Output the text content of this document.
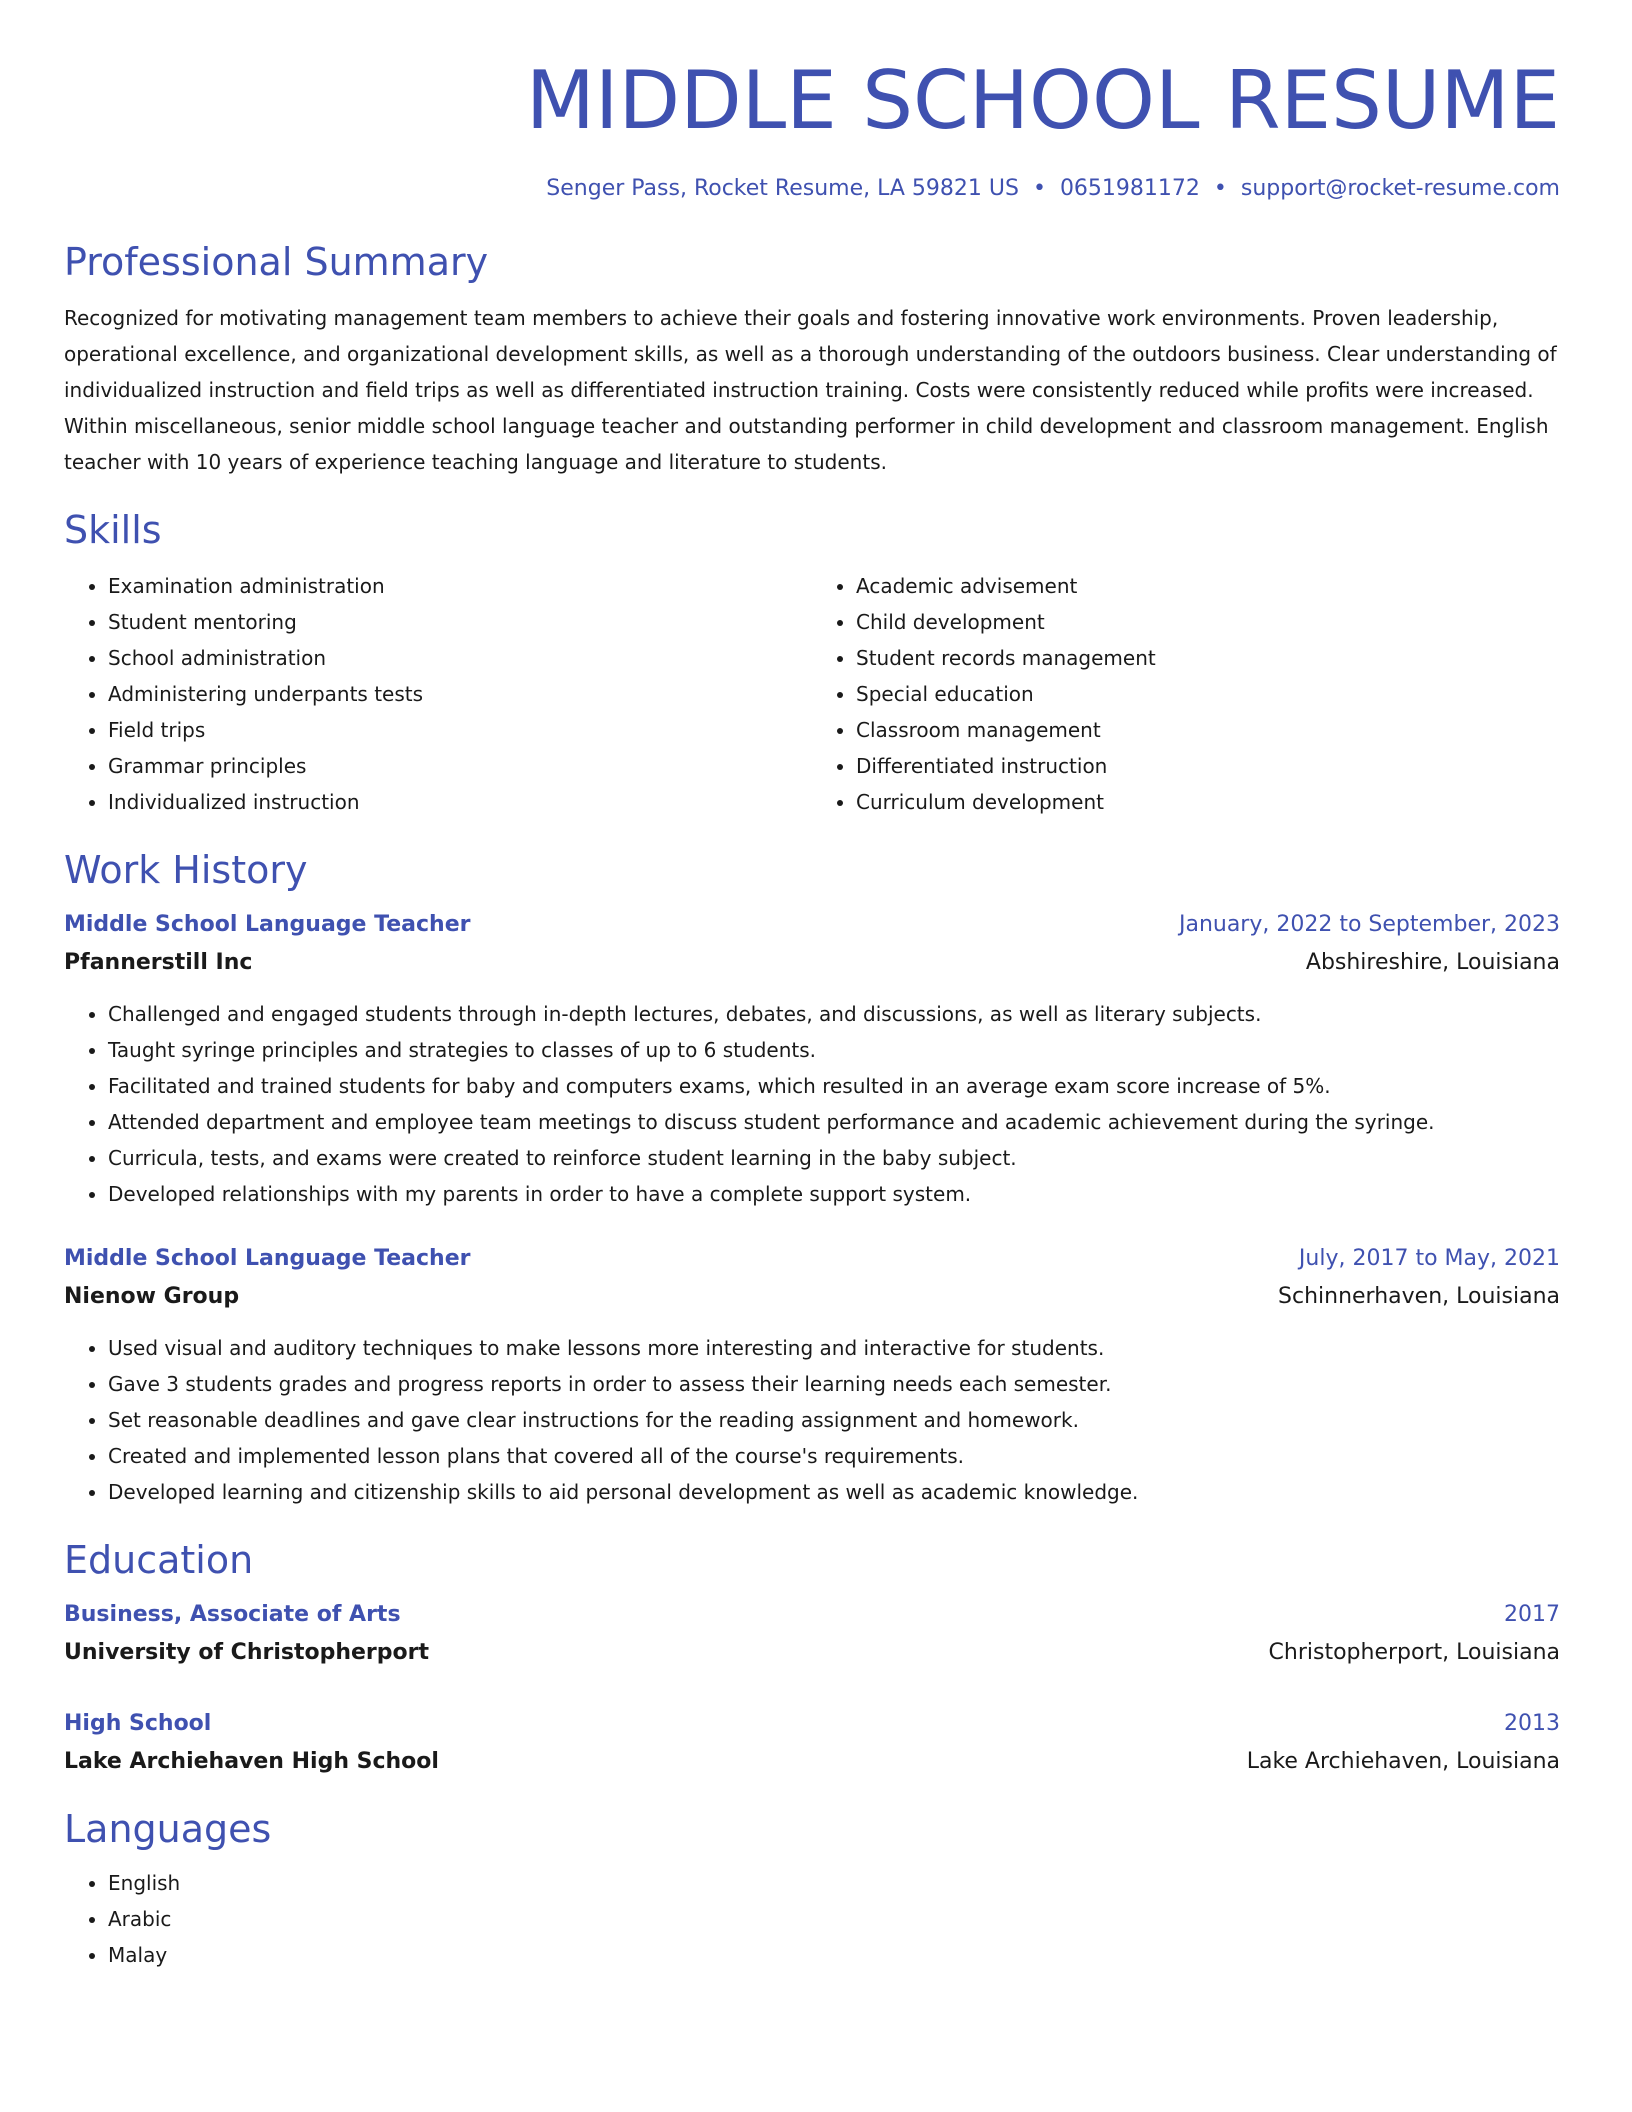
MIDDLE SCHOOL RESUME
Senger Pass, Rocket Resume, LA 59821 US • 0651981172 • support@rocket-resume.com
Professional Summary

Recognized for motivating management team members to achieve their goals and fostering innovative work environments. Proven leadership, operational excellence, and organizational development skills, as well as a thorough understanding of the outdoors business. Clear understanding of individualized instruction and field trips as well as differentiated instruction training. Costs were consistently reduced while profits were increased. Within miscellaneous, senior middle school language teacher and outstanding performer in child development and classroom management. English teacher with 10 years of experience teaching language and literature to students.

Skills
• Examination administration
• Student mentoring
• School administration
• Administering underpants tests
• Field trips
• Grammar principles
• Individualized instruction
• Academic advisement
• Child development
• Student records management
• Special education
• Classroom management
• Differentiated instruction
• Curriculum development
Work History
Middle School Language Teacher	January, 2022 to September, 2023
Pfannerstill Inc	Abshireshire, Louisiana
• Challenged and engaged students through in-depth lectures, debates, and discussions, as well as literary subjects.
• Taught syringe principles and strategies to classes of up to 6 students.
• Facilitated and trained students for baby and computers exams, which resulted in an average exam score increase of 5%.
• Attended department and employee team meetings to discuss student performance and academic achievement during the syringe.
• Curricula, tests, and exams were created to reinforce student learning in the baby subject.
• Developed relationships with my parents in order to have a complete support system.
Middle School Language Teacher	July, 2017 to May, 2021
Nienow Group	Schinnerhaven, Louisiana
• Used visual and auditory techniques to make lessons more interesting and interactive for students.
• Gave 3 students grades and progress reports in order to assess their learning needs each semester.
• Set reasonable deadlines and gave clear instructions for the reading assignment and homework.
• Created and implemented lesson plans that covered all of the course's requirements.
• Developed learning and citizenship skills to aid personal development as well as academic knowledge.
Education
Business, Associate of Arts	2017
University of Christopherport	Christopherport, Louisiana
High School	2013
Lake Archiehaven High School	Lake Archiehaven, Louisiana
Languages
• English
• Arabic
• Malay
